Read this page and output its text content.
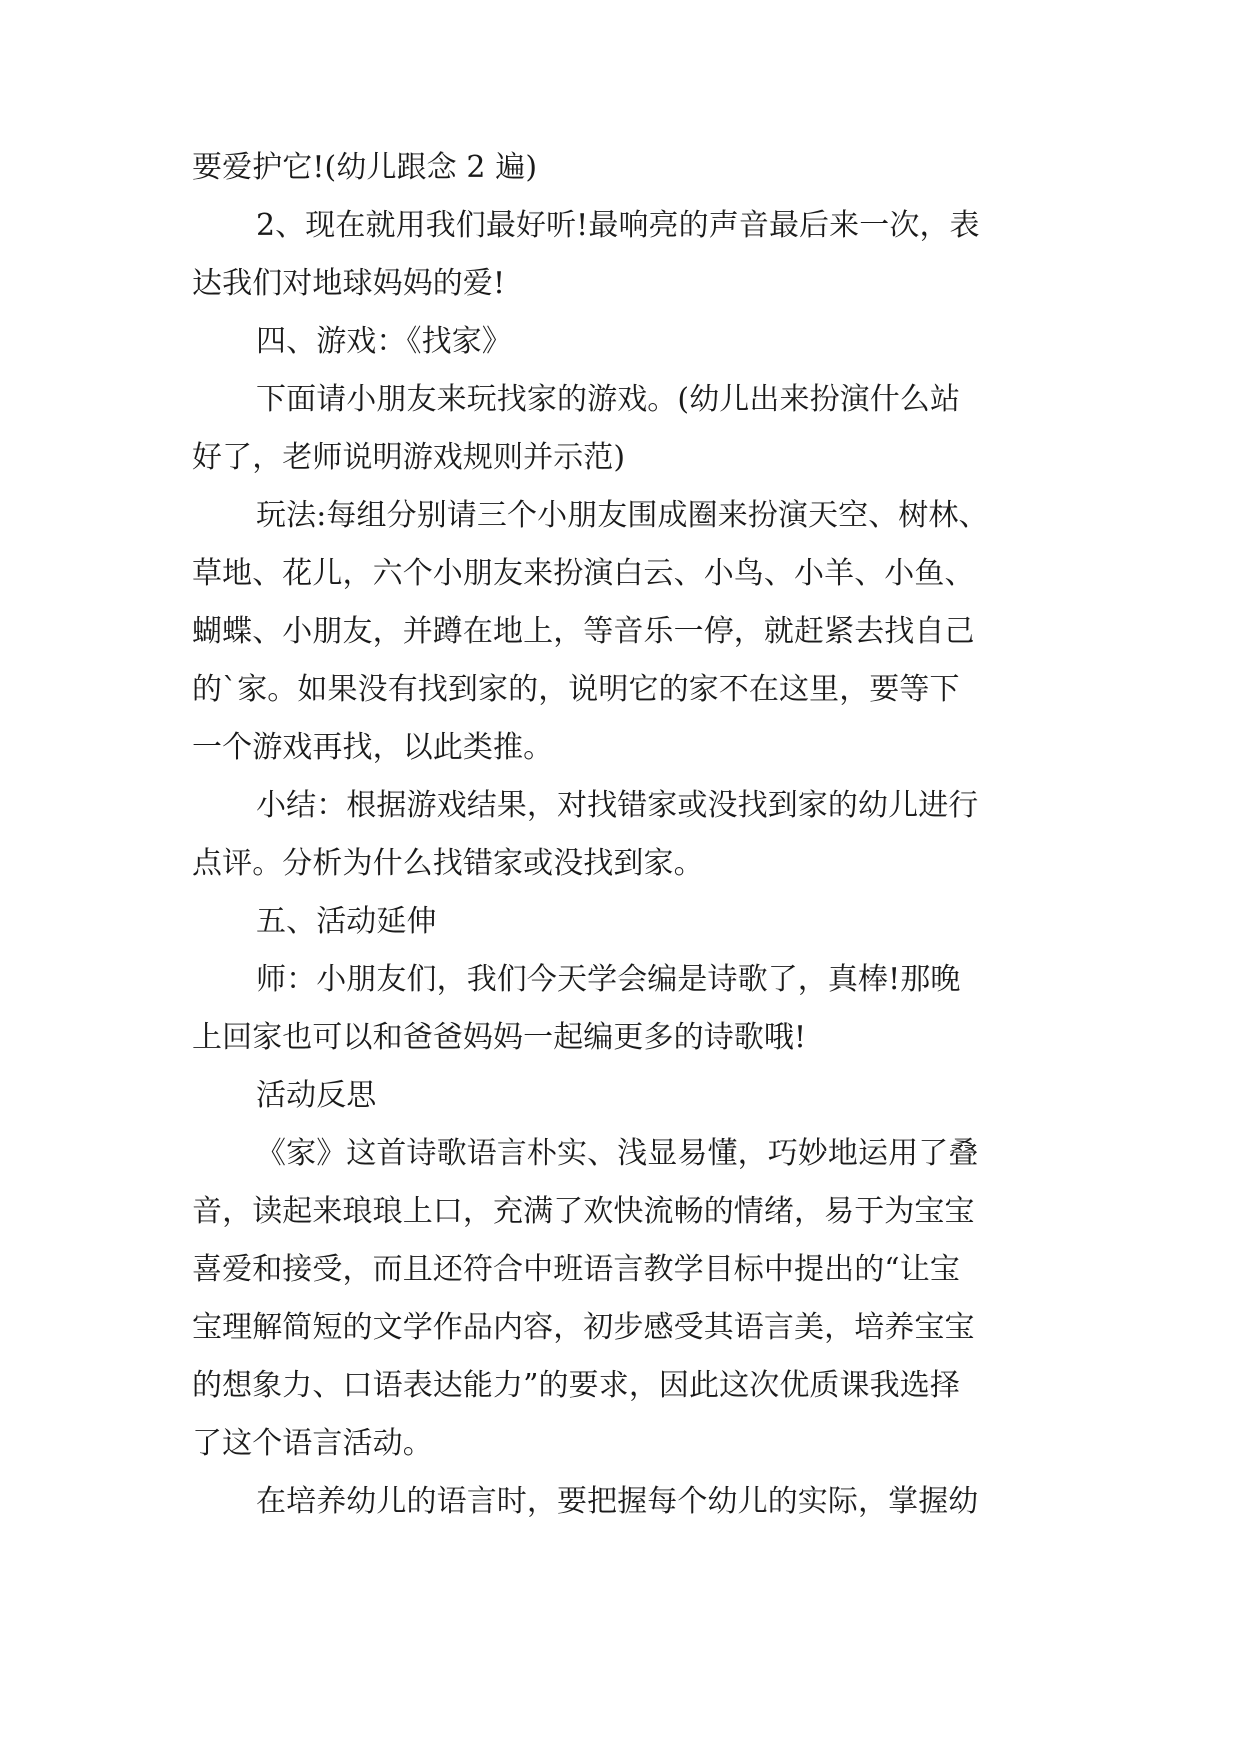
要爱护它!(幼儿跟念 2 遍)
2、现在就用我们最好听!最响亮的声音最后来一次，表
达我们对地球妈妈的爱!
四、游戏：《找家》
下面请小朋友来玩找家的游戏。(幼儿出来扮演什么站
好了，老师说明游戏规则并示范)
玩法:每组分别请三个小朋友围成圈来扮演天空、树林、
草地、花儿，六个小朋友来扮演白云、小鸟、小羊、小鱼、
蝴蝶、小朋友，并蹲在地上，等音乐一停，就赶紧去找自己
的`家。如果没有找到家的，说明它的家不在这里，要等下
一个游戏再找，以此类推。
小结：根据游戏结果，对找错家或没找到家的幼儿进行
点评。分析为什么找错家或没找到家。
五、活动延伸
师：小朋友们，我们今天学会编是诗歌了，真棒!那晚
上回家也可以和爸爸妈妈一起编更多的诗歌哦!
活动反思
《家》这首诗歌语言朴实、浅显易懂，巧妙地运用了叠
音，读起来琅琅上口，充满了欢快流畅的情绪，易于为宝宝
喜爱和接受，而且还符合中班语言教学目标中提出的“让宝
宝理解简短的文学作品内容，初步感受其语言美，培养宝宝
的想象力、口语表达能力”的要求，因此这次优质课我选择
了这个语言活动。
在培养幼儿的语言时，要把握每个幼儿的实际，掌握幼
